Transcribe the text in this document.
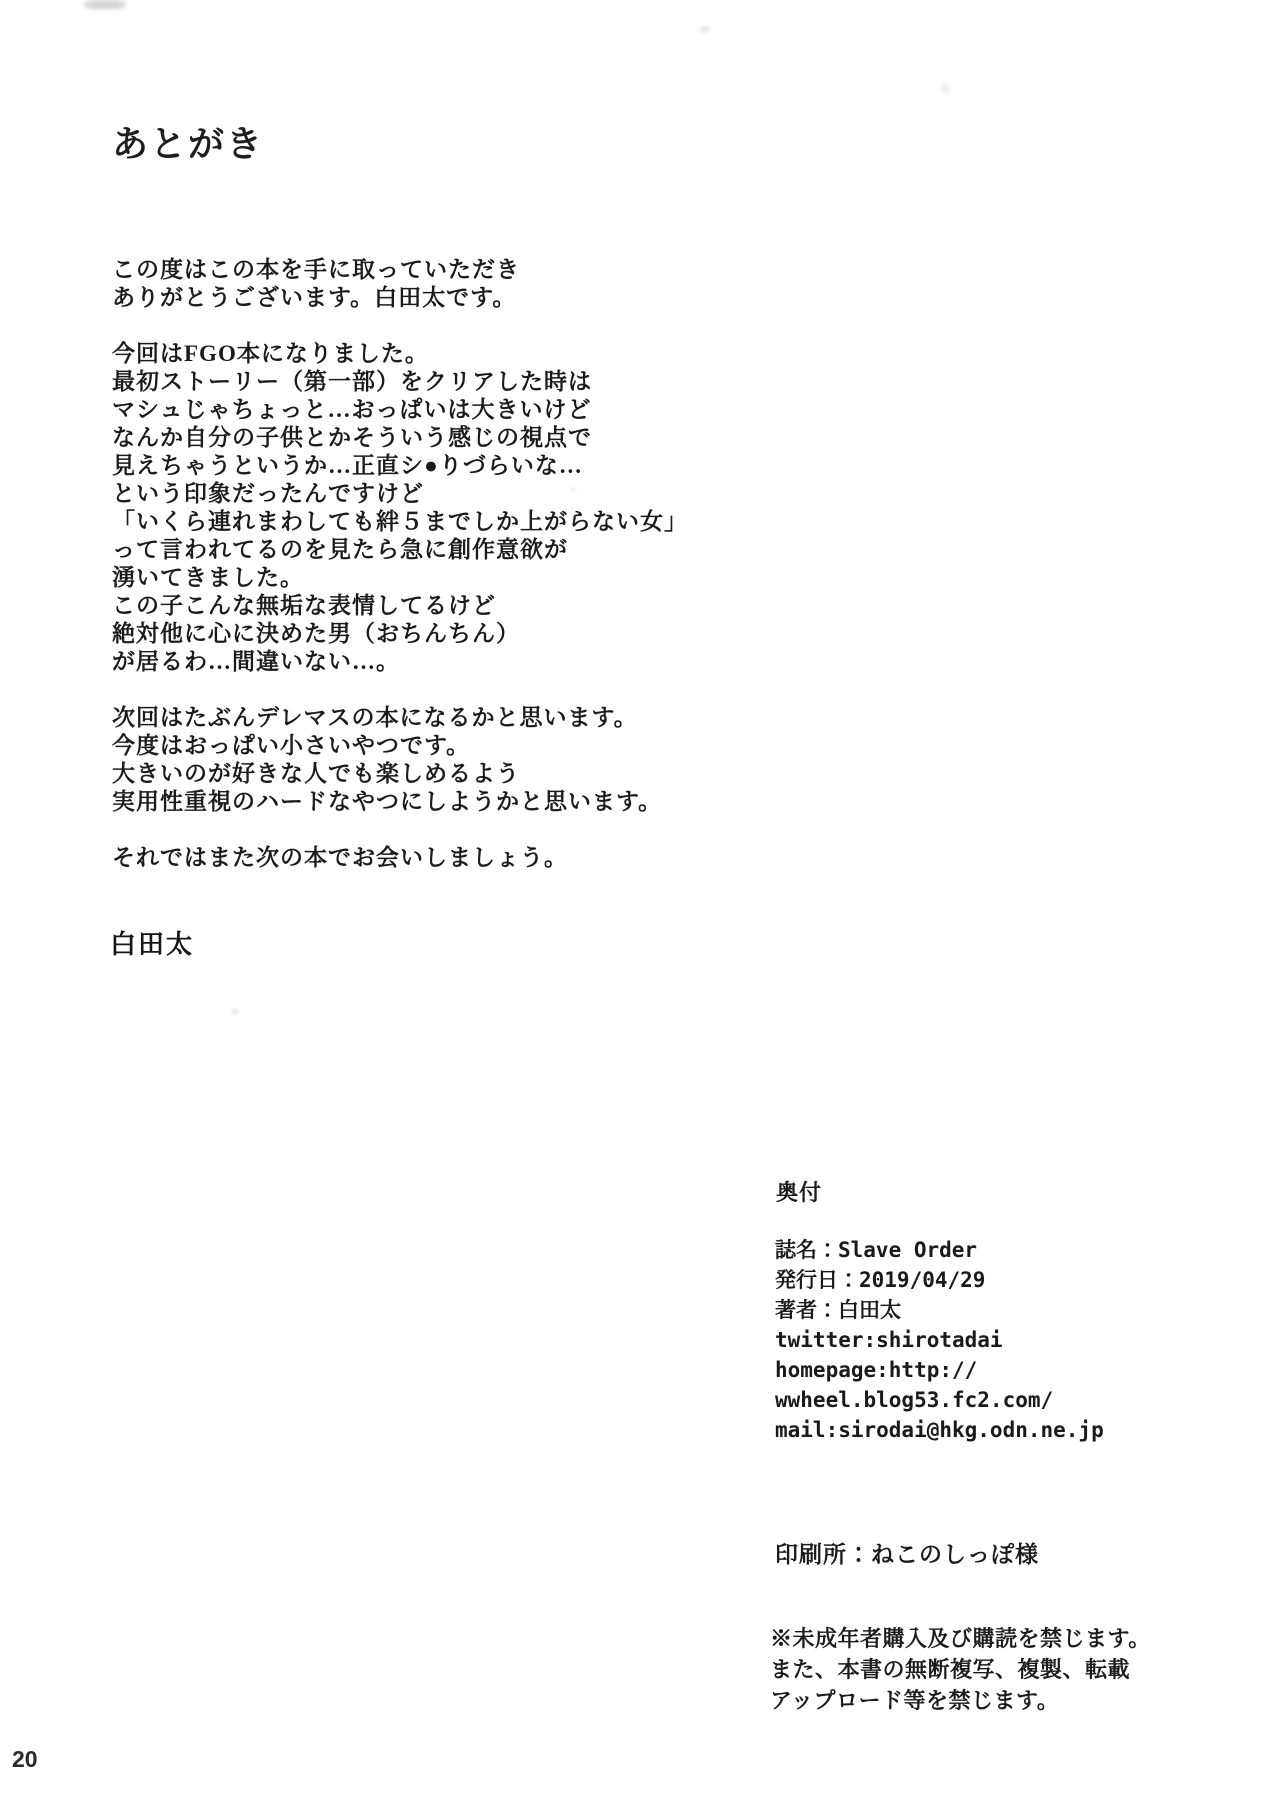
あとがき
この度はこの本を手に取っていただき
ありがとうございます。白田太です。

今回はFGO本になりました。
最初ストーリー（第一部）をクリアした時は
マシュじゃちょっと…おっぱいは大きいけど
なんか自分の子供とかそういう感じの視点で
見えちゃうというか…正直シ●りづらいな…
という印象だったんですけど
「いくら連れまわしても絆５までしか上がらない女」
って言われてるのを見たら急に創作意欲が
湧いてきました。
この子こんな無垢な表情してるけど
絶対他に心に決めた男（おちんちん）
が居るわ…間違いない…。

次回はたぶんデレマスの本になるかと思います。
今度はおっぱい小さいやつです。
大きいのが好きな人でも楽しめるよう
実用性重視のハードなやつにしようかと思います。

それではまた次の本でお会いしましょう。
白田太
奥付
誌名：Slave Order
発行日：2019/04/29
著者：白田太
twitter:shirotadai
homepage:http://
wwheel.blog53.fc2.com/
mail:sirodai@hkg.odn.ne.jp
印刷所：ねこのしっぽ様
※未成年者購入及び購読を禁じます。
また、本書の無断複写、複製、転載
アップロード等を禁じます。
20
